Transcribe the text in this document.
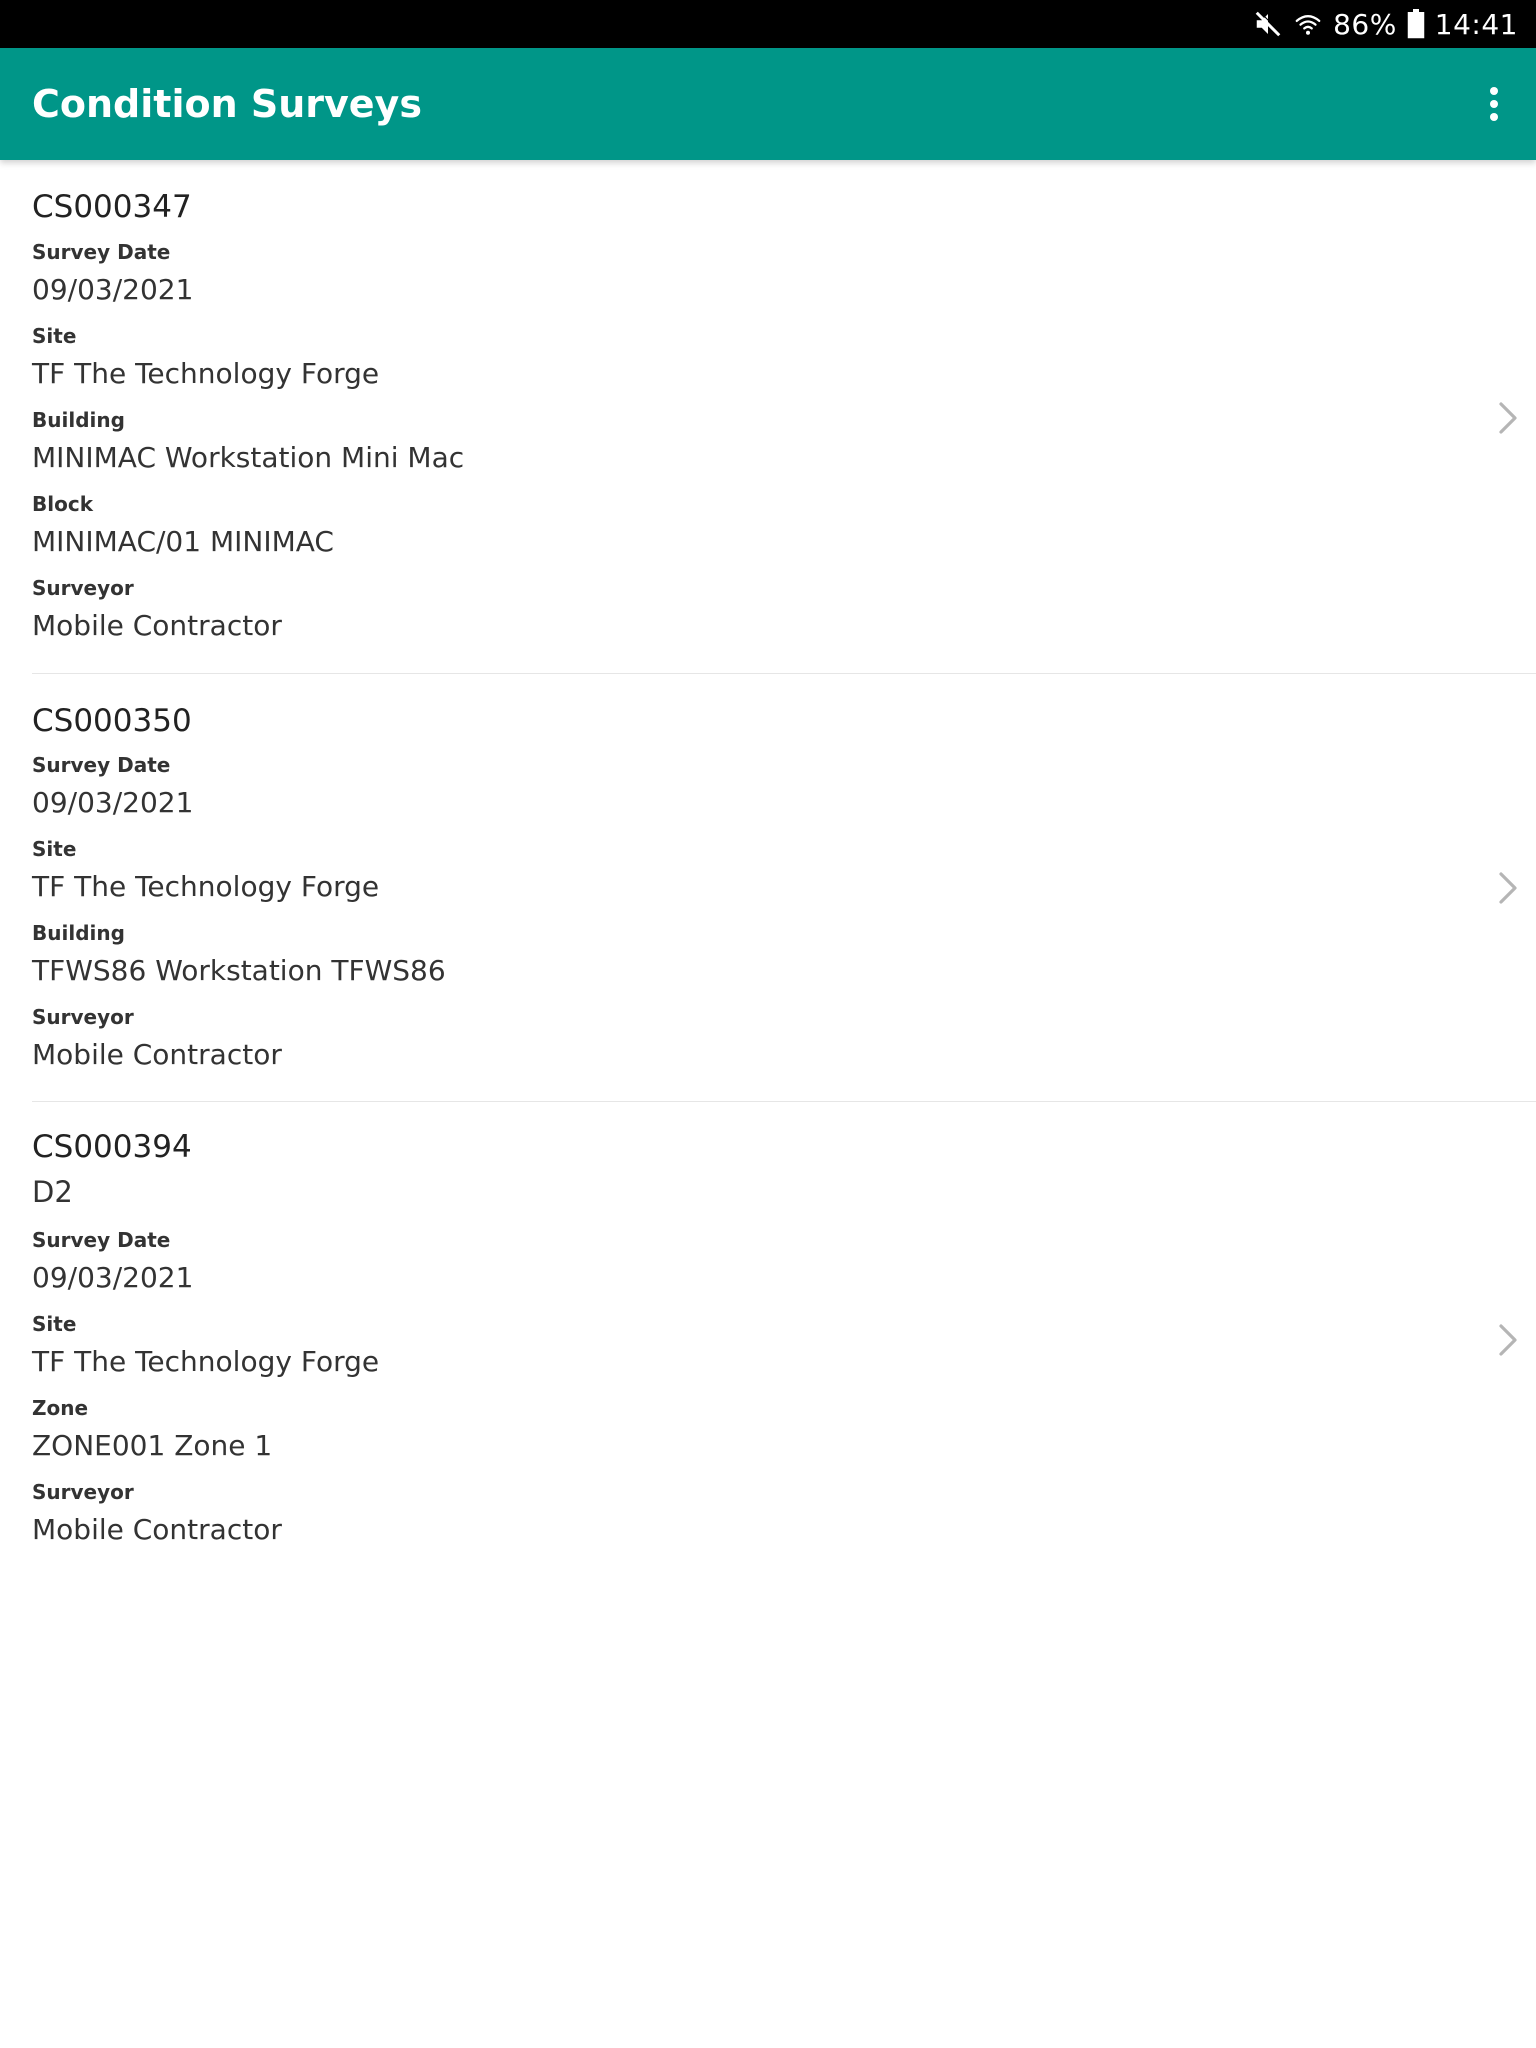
86% 14:41
Condition Surveys
CS000347
Survey Date
09/03/2021
Site
TF The Technology Forge
Building
MINIMAC Workstation Mini Mac
Block
MINIMAC/01 MINIMAC
Surveyor
Mobile Contractor
CS000350
Survey Date
09/03/2021
Site
TF The Technology Forge
Building
TFWS86 Workstation TFWS86
Surveyor
Mobile Contractor
CS000394
D2
Survey Date
09/03/2021
Site
TF The Technology Forge
Zone
ZONE001 Zone 1
Surveyor
Mobile Contractor
